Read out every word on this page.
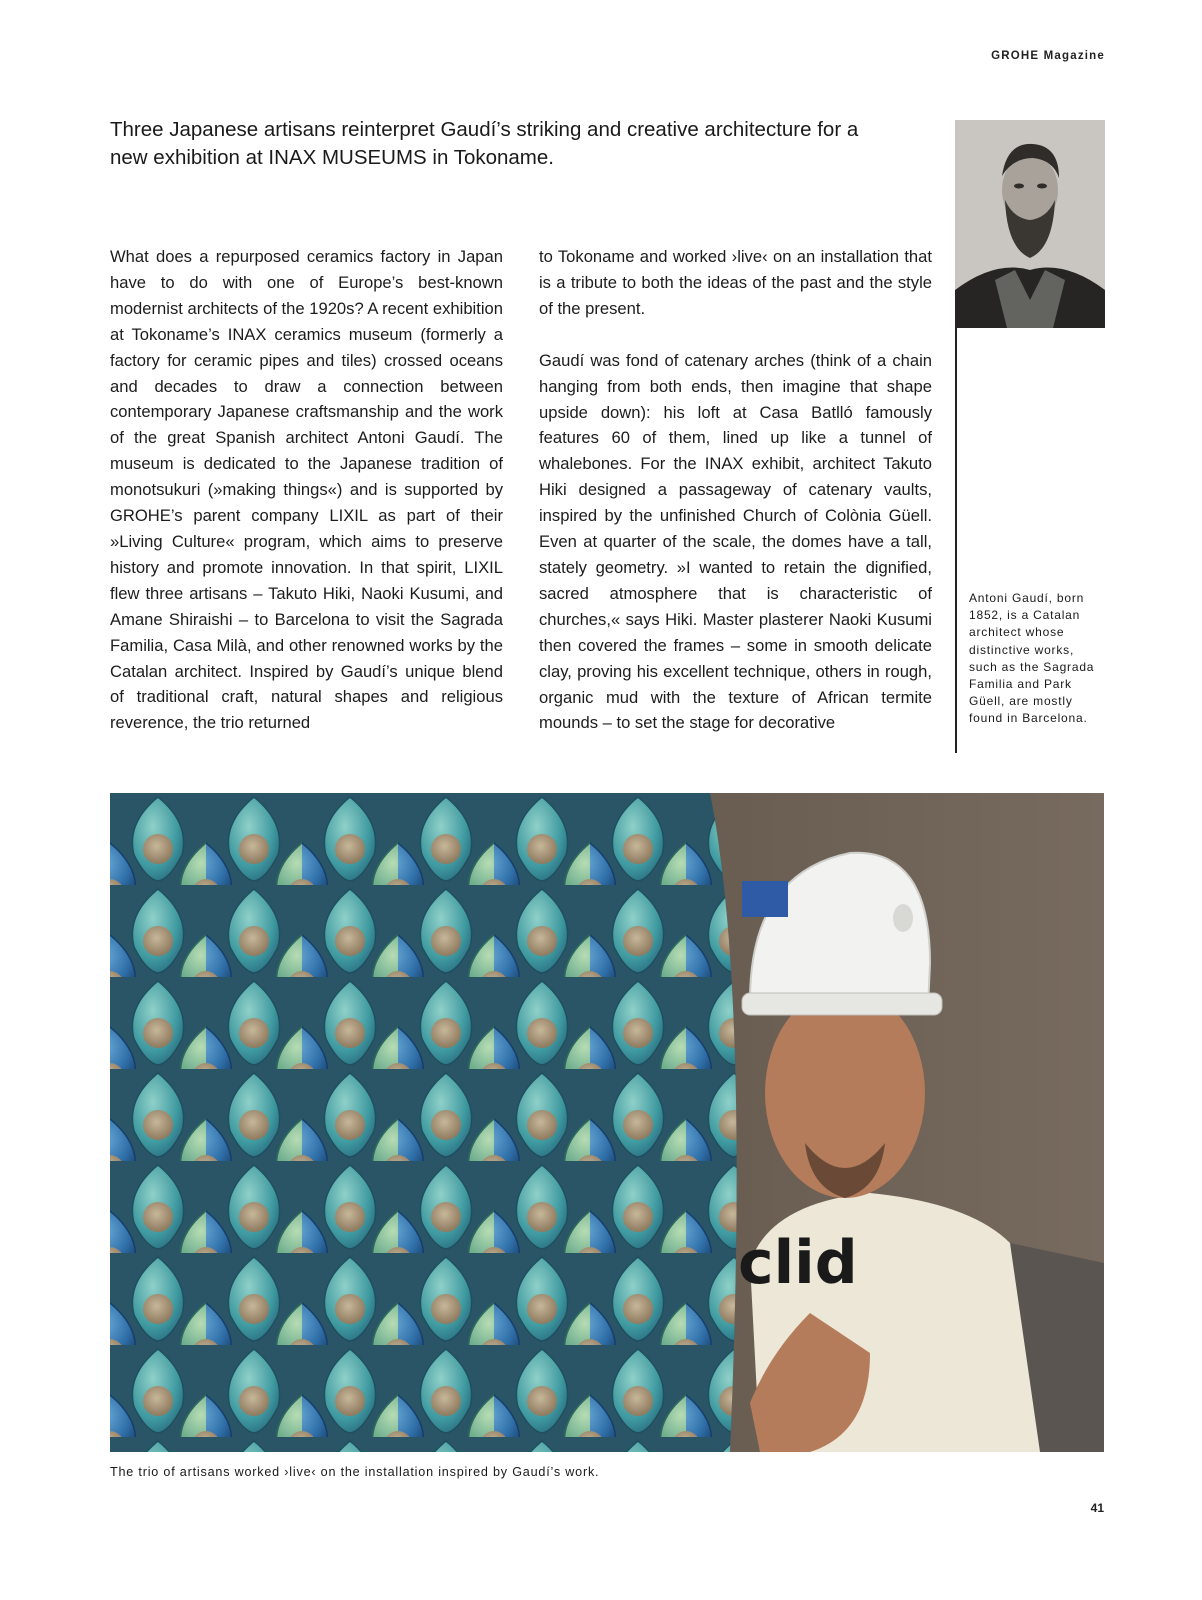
GROHE Magazine
Three Japanese artisans reinterpret Gaudí’s striking and creative architecture for a new exhibition at INAX MUSEUMS in Tokoname.

What does a repurposed ceramics factory in Japan have to do with one of Europe’s best-known modernist architects of the 1920s? A recent exhibition at Tokoname’s INAX ceramics museum (formerly a factory for ceramic pipes and tiles) crossed oceans and decades to draw a connection between contemporary Japanese craftsmanship and the work of the great Spanish architect Antoni Gaudí. The museum is dedicated to the Japanese tradition of monotsukuri (»making things«) and is supported by GROHE’s parent company LIXIL as part of their »Living Culture« program, which aims to preserve history and promote innovation. In that spirit, LIXIL flew three artisans – Takuto Hiki, Naoki Kusumi, and Amane Shiraishi – to Barcelona to visit the Sagrada Familia, Casa Milà, and other renowned works by the Catalan architect. Inspired by Gaudí’s unique blend of traditional craft, natural shapes and religious reverence, the trio returned

to Tokoname and worked ›live‹ on an installation that is a tribute to both the ideas of the past and the style of the present.

Gaudí was fond of catenary arches (think of a chain hanging from both ends, then imagine that shape upside down): his loft at Casa Batlló famously features 60 of them, lined up like a tunnel of whalebones. For the INAX exhibit, architect Takuto Hiki designed a passageway of catenary vaults, inspired by the unfinished Church of Colònia Güell. Even at quarter of the scale, the domes have a tall, stately geometry. »I wanted to retain the dignified, sacred atmosphere that is characteristic of churches,« says Hiki. Master plasterer Naoki Kusumi then covered the frames – some in smooth delicate clay, proving his excellent technique, others in rough, organic mud with the texture of African termite mounds – to set the stage for decorative

Antoni Gaudí, born 1852, is a Catalan architect whose distinctive works, such as the Sagrada Familia and Park Güell, are mostly found in Barcelona.
clid
The trio of artisans worked ›live‹ on the installation inspired by Gaudí’s work.
41
